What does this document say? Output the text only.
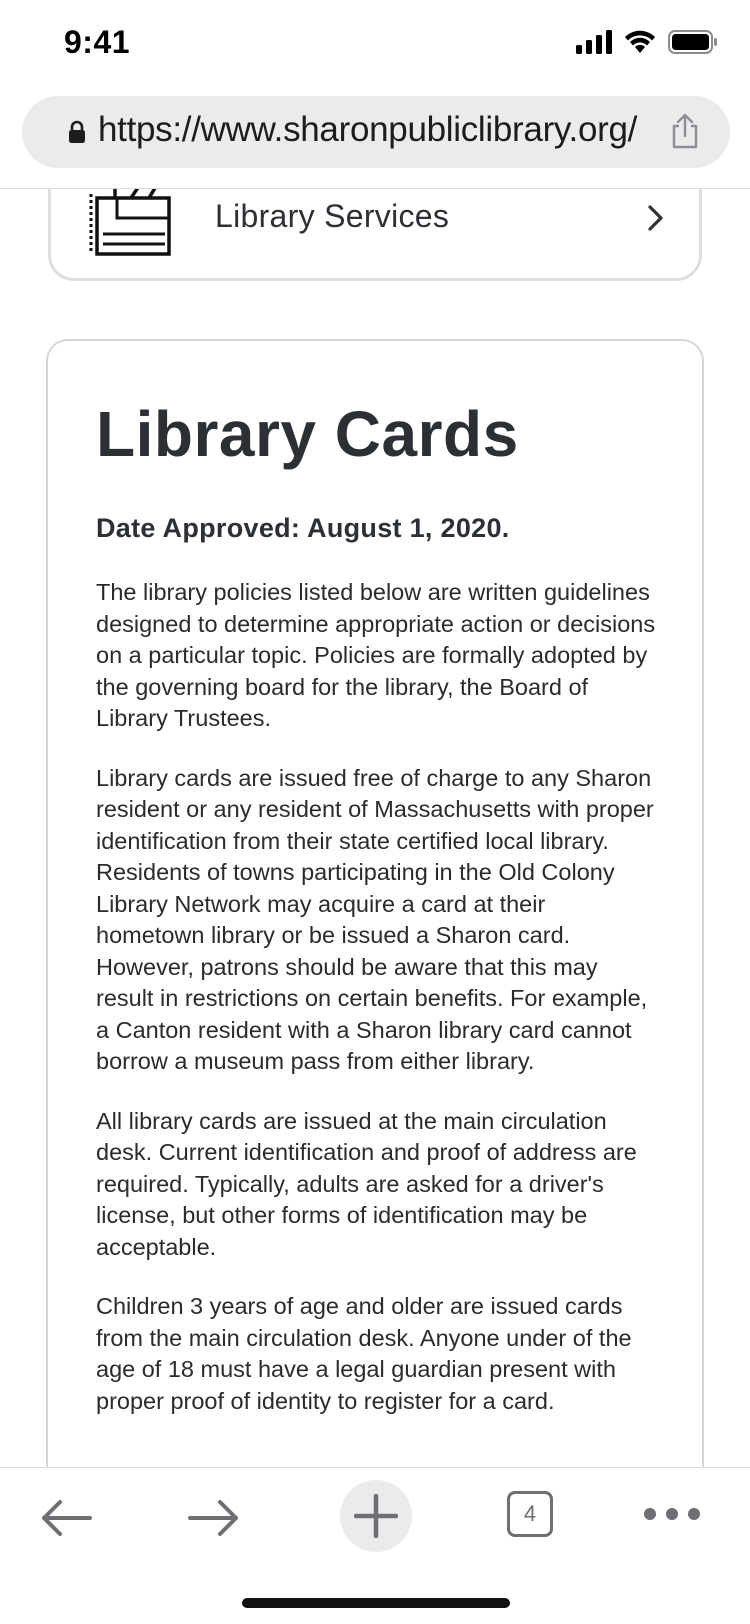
9:41
https://www.sharonpubliclibrary.org/
Library Services
Library Cards
Date Approved: August 1, 2020.

The library policies listed below are written guidelines designed to determine appropriate action or decisions on a particular topic. Policies are formally adopted by the governing board for the library, the Board of Library Trustees.

Library cards are issued free of charge to any Sharon resident or any resident of Massachusetts with proper identification from their state certified local library. Residents of towns participating in the Old Colony Library Network may acquire a card at their hometown library or be issued a Sharon card. However, patrons should be aware that this may result in restrictions on certain benefits. For example, a Canton resident with a Sharon library card cannot borrow a museum pass from either library.

All library cards are issued at the main circulation desk. Current identification and proof of address are required. Typically, adults are asked for a driver's license, but other forms of identification may be acceptable.

Children 3 years of age and older are issued cards from the main circulation desk. Anyone under of the age of 18 must have a legal guardian present with proper proof of identity to register for a card.

4
